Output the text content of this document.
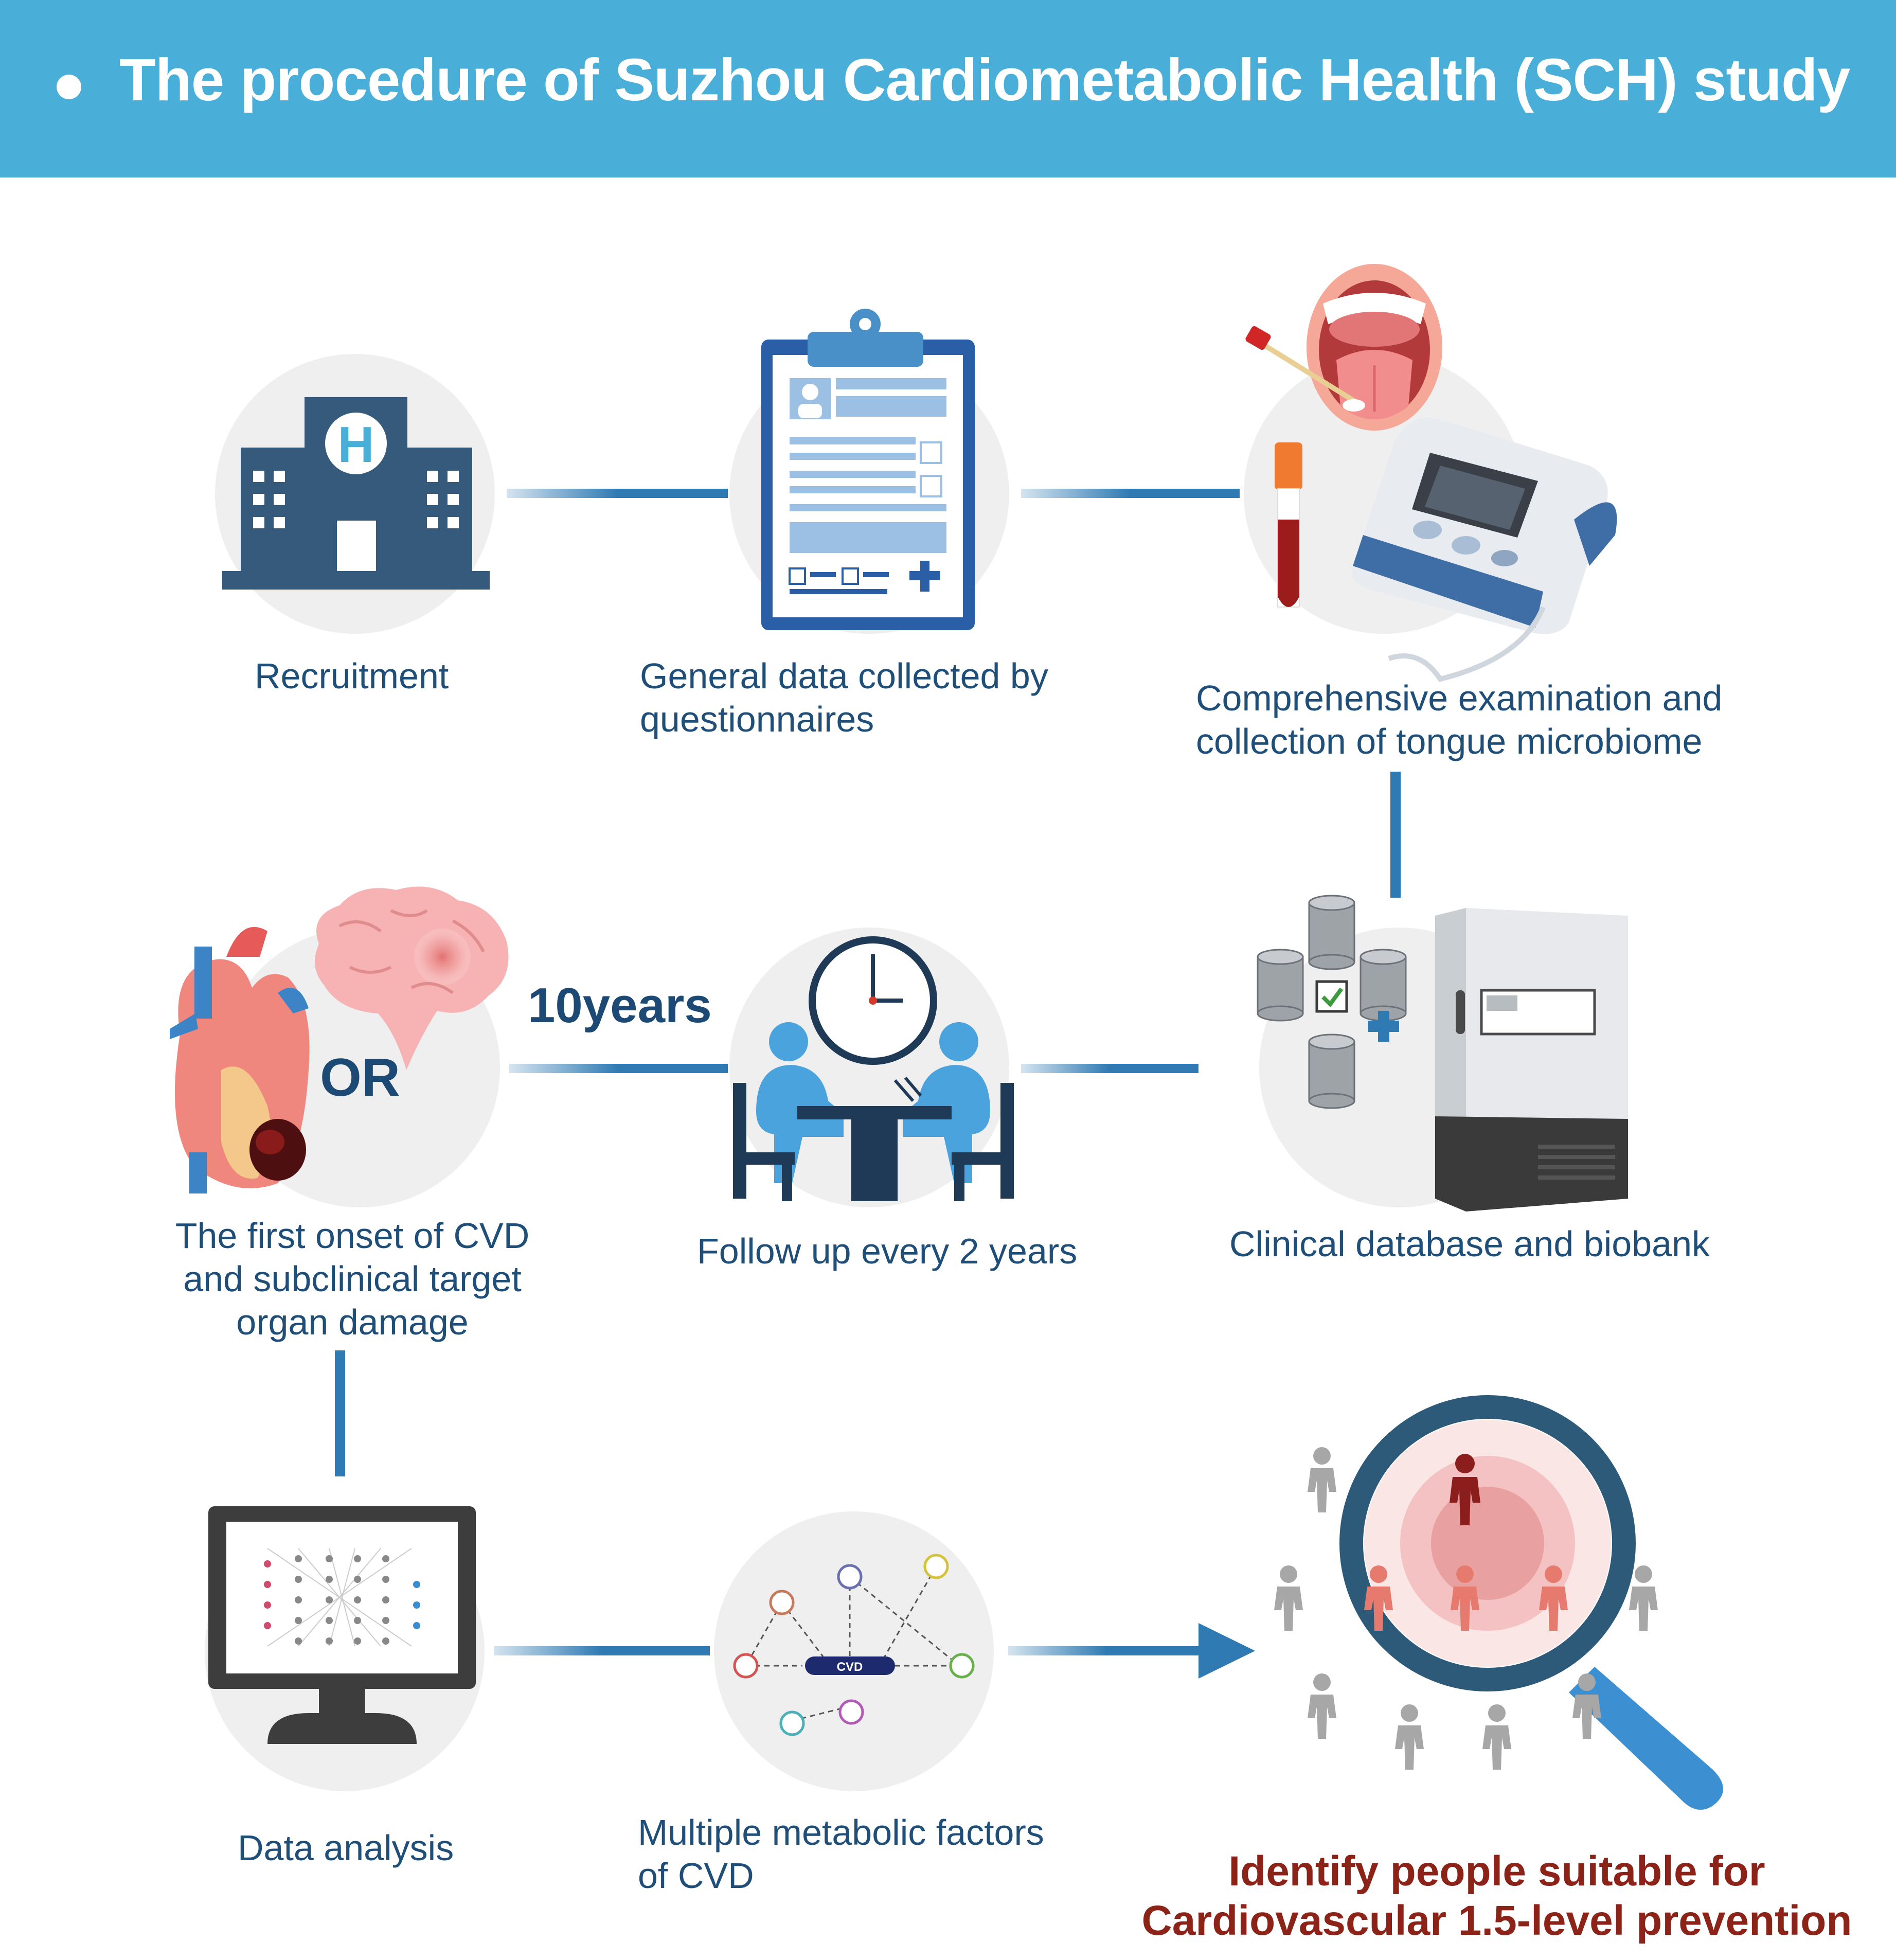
The procedure of Suzhou Cardiometabolic Health (SCH) study
H
CVD
OR
10years
Recruitment	General data collected by
questionnaires
Comprehensive examination and
collection of tongue microbiome
Clinical database and biobank
Follow up every 2 years
The first onset of CVD
and subclinical target
organ damage
Data analysis	Multiple metabolic factors
of CVD	Identify people suitable for
Cardiovascular 1.5-level prevention
